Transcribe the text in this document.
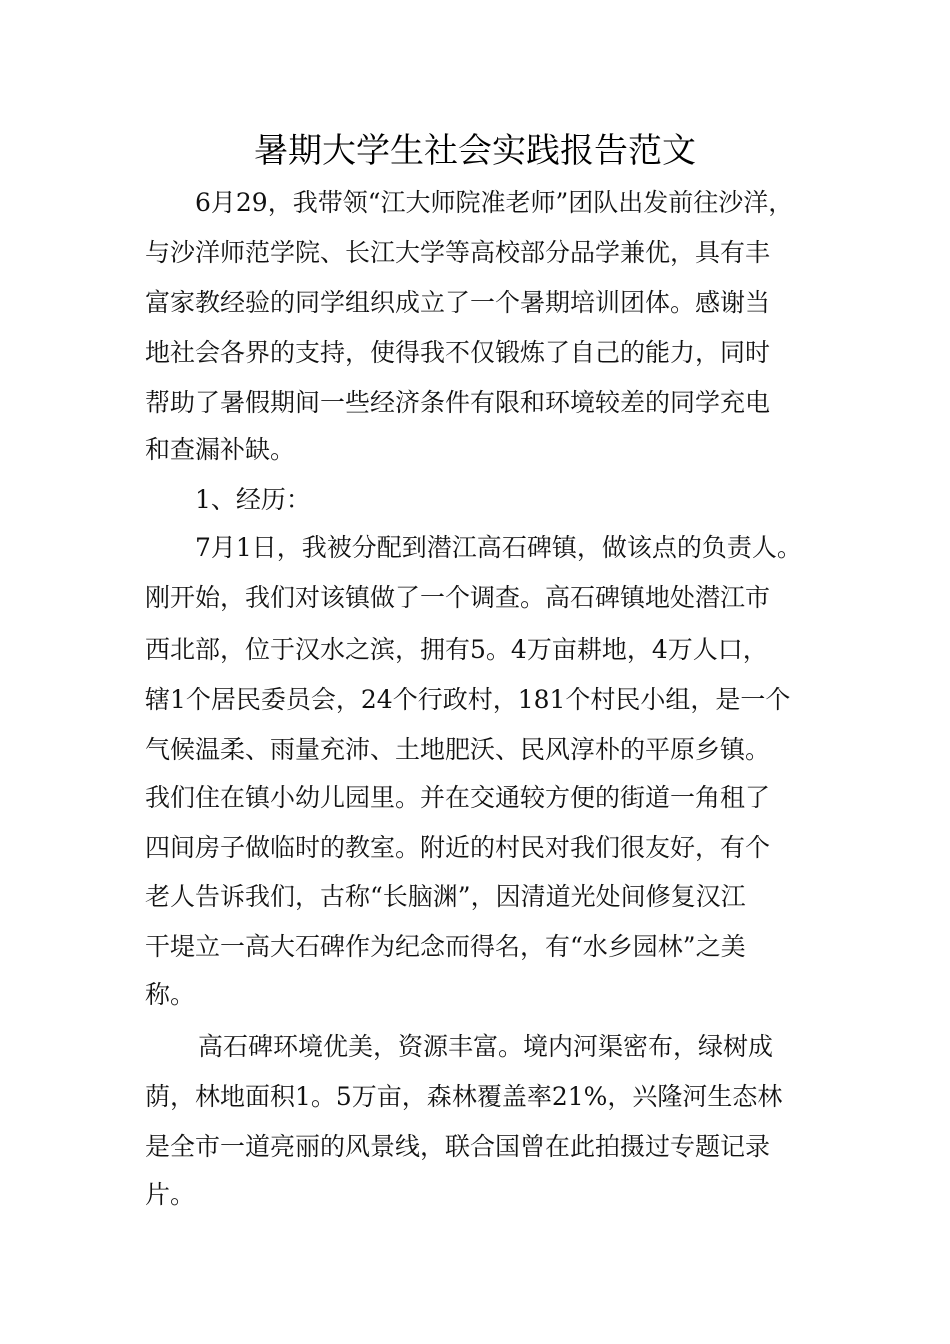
暑期大学生社会实践报告范文
6月29，我带领“江大师院准老师”团队出发前往沙洋，
与沙洋师范学院、长江大学等高校部分品学兼优，具有丰
富家教经验的同学组织成立了一个暑期培训团体。感谢当
地社会各界的支持，使得我不仅锻炼了自己的能力，同时
帮助了暑假期间一些经济条件有限和环境较差的同学充电
和查漏补缺。
1、经历：
7月1日，我被分配到潜江高石碑镇，做该点的负责人。
刚开始，我们对该镇做了一个调查。高石碑镇地处潜江市
西北部，位于汉水之滨，拥有5。4万亩耕地，4万人口，
辖1个居民委员会，24个行政村，181个村民小组，是一个
气候温柔、雨量充沛、土地肥沃、民风淳朴的平原乡镇。
我们住在镇小幼儿园里。并在交通较方便的街道一角租了
四间房子做临时的教室。附近的村民对我们很友好，有个
老人告诉我们，古称“长脑渊”，因清道光处间修复汉江
干堤立一高大石碑作为纪念而得名，有“水乡园林”之美
称。
高石碑环境优美，资源丰富。境内河渠密布，绿树成
荫，林地面积1。5万亩，森林覆盖率21%，兴隆河生态林
是全市一道亮丽的风景线，联合国曾在此拍摄过专题记录
片。
